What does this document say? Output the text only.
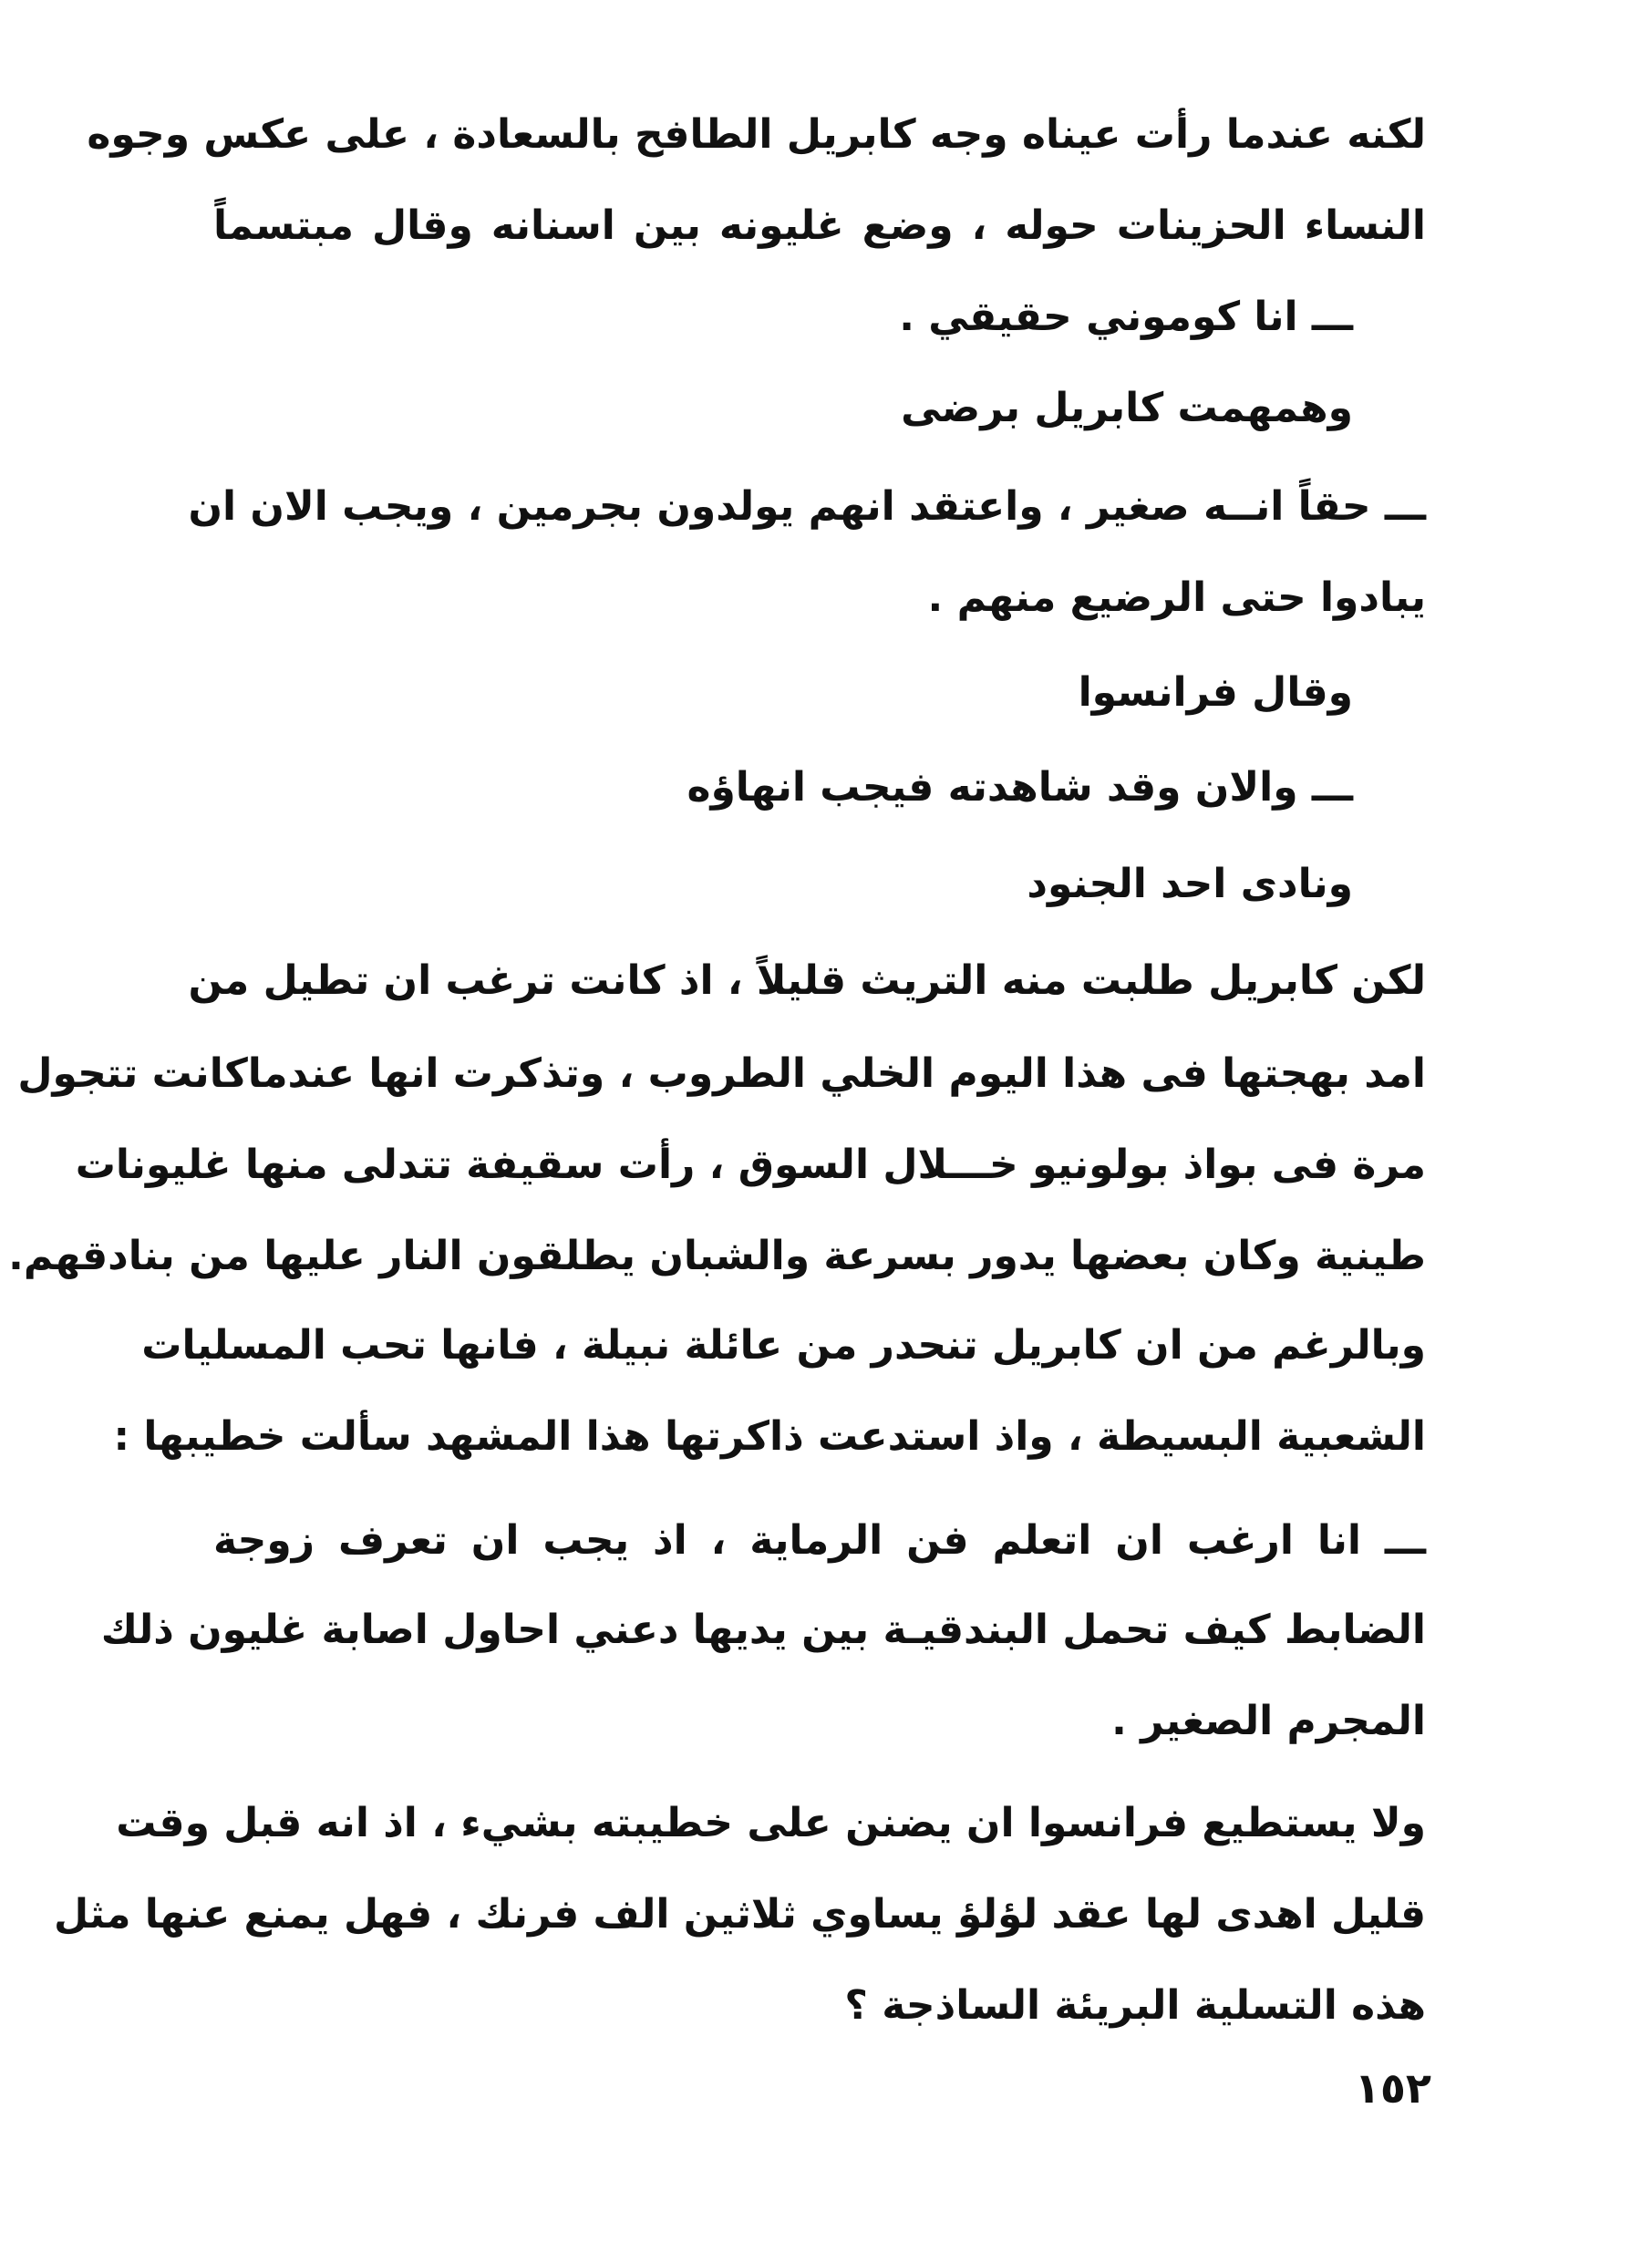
لكنه عندما رأت عيناه وجه كابريل الطافح بالسعادة ، على عكس وجوه
النساء الحزينات حوله ، وضع غليونه بين اسنانه وقال مبتسماً
ـــ انا كوموني حقيقي .
وهمهمت كابريل برضى
ـــ حقاً انــه صغير ، واعتقد انهم يولدون بجرمين ، ويجب الان ان
يبادوا حتى الرضيع منهم .
وقال فرانسوا
ـــ والان وقد شاهدته فيجب انهاؤه
ونادى احد الجنود
لكن كابريل طلبت منه التريث قليلاً ، اذ كانت ترغب ان تطيل من
امد بهجتها فى هذا اليوم الخلي الطروب ، وتذكرت انها عندماكانت تتجول
مرة فى بواذ بولونيو خـــلال السوق ، رأت سقيفة تتدلى منها غليونات
طينية وكان بعضها يدور بسرعة والشبان يطلقون النار عليها من بنادقهم.
وبالرغم من ان كابريل تنحدر من عائلة نبيلة ، فانها تحب المسليات
الشعبية البسيطة ، واذ استدعت ذاكرتها هذا المشهد سألت خطيبها :
ـــ انا ارغب ان اتعلم فن الرماية ، اذ يجب ان تعرف زوجة
الضابط كيف تحمل البندقيـة بين يديها دعني احاول اصابة غليون ذلك
المجرم الصغير .
ولا يستطيع فرانسوا ان يضنن على خطيبته بشيء ، اذ انه قبل وقت
قليل اهدى لها عقد لؤلؤ يساوي ثلاثين الف فرنك ، فهل يمنع عنها مثل
هذه التسلية البريئة الساذجة ؟
١٥٢
